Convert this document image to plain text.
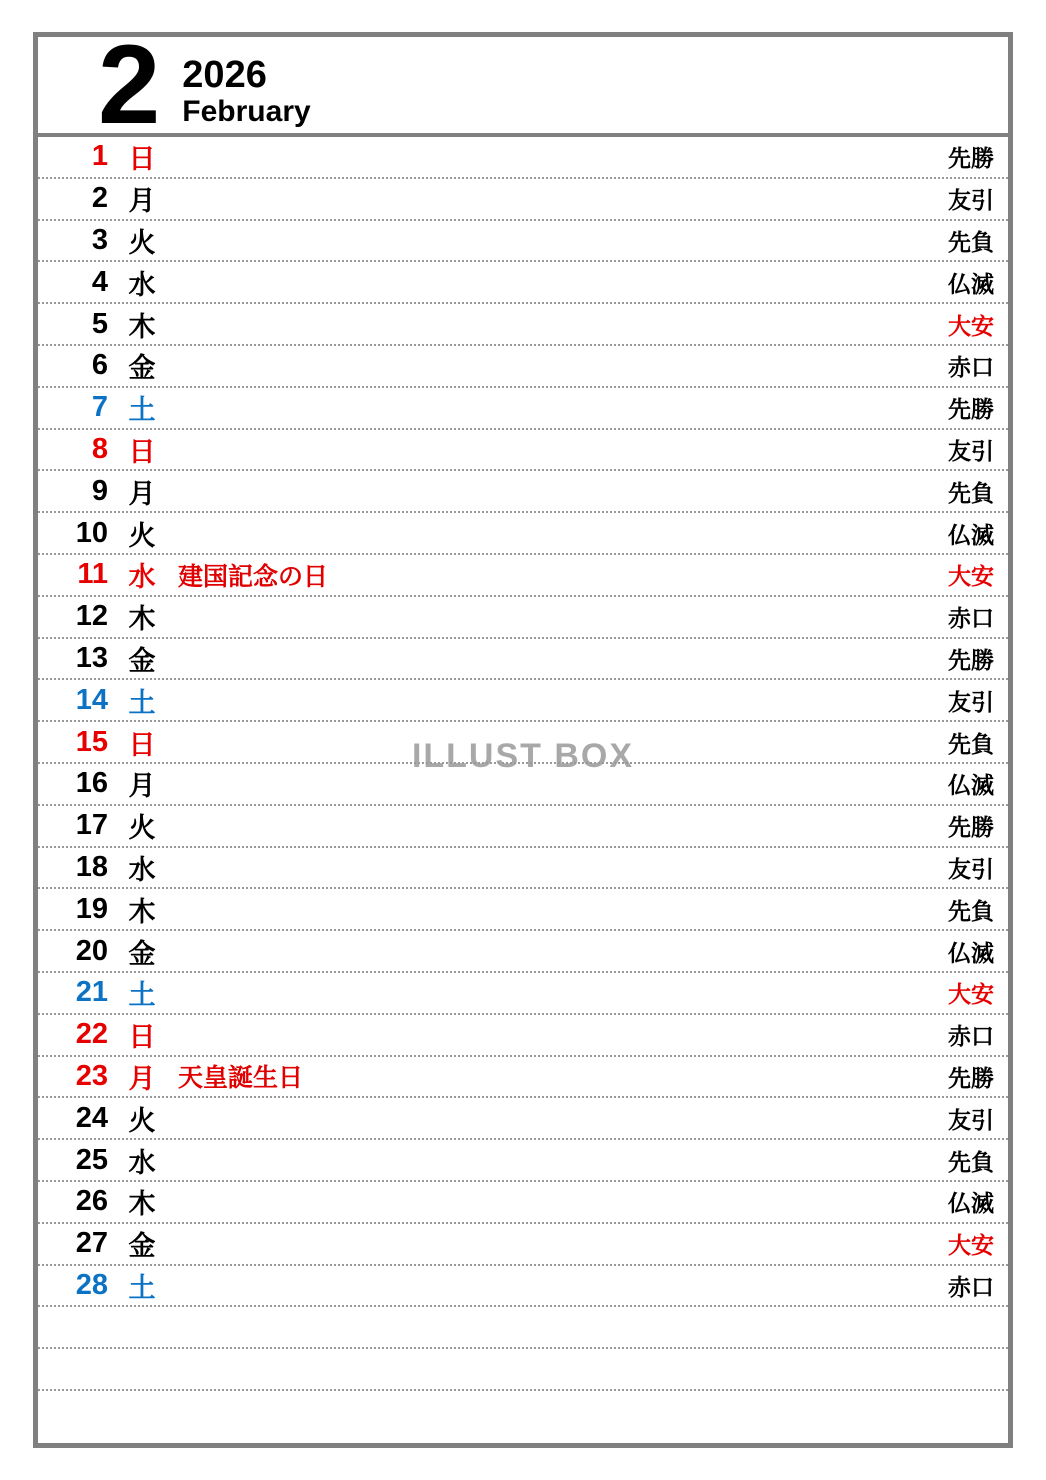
2 2026
February
1 日	先勝
2 月	友引
3 火	先負
4 水	仏滅
5 木	大安
6 金	赤口
7 土	先勝
8 日	友引
9 月	先負
10 火	仏滅
11 水 建国記念の日	大安
12 木	赤口
13 金	先勝
14 土	友引
15 日	先負
16 月	仏滅
17 火	先勝
18 水	友引
19 木	先負
20 金	仏滅
21 土	大安
22 日	赤口
23 月 天皇誕生日	先勝
24 火	友引
25 水	先負
26 木	仏滅
27 金	大安
28 土	赤口
ILLUST BOX
